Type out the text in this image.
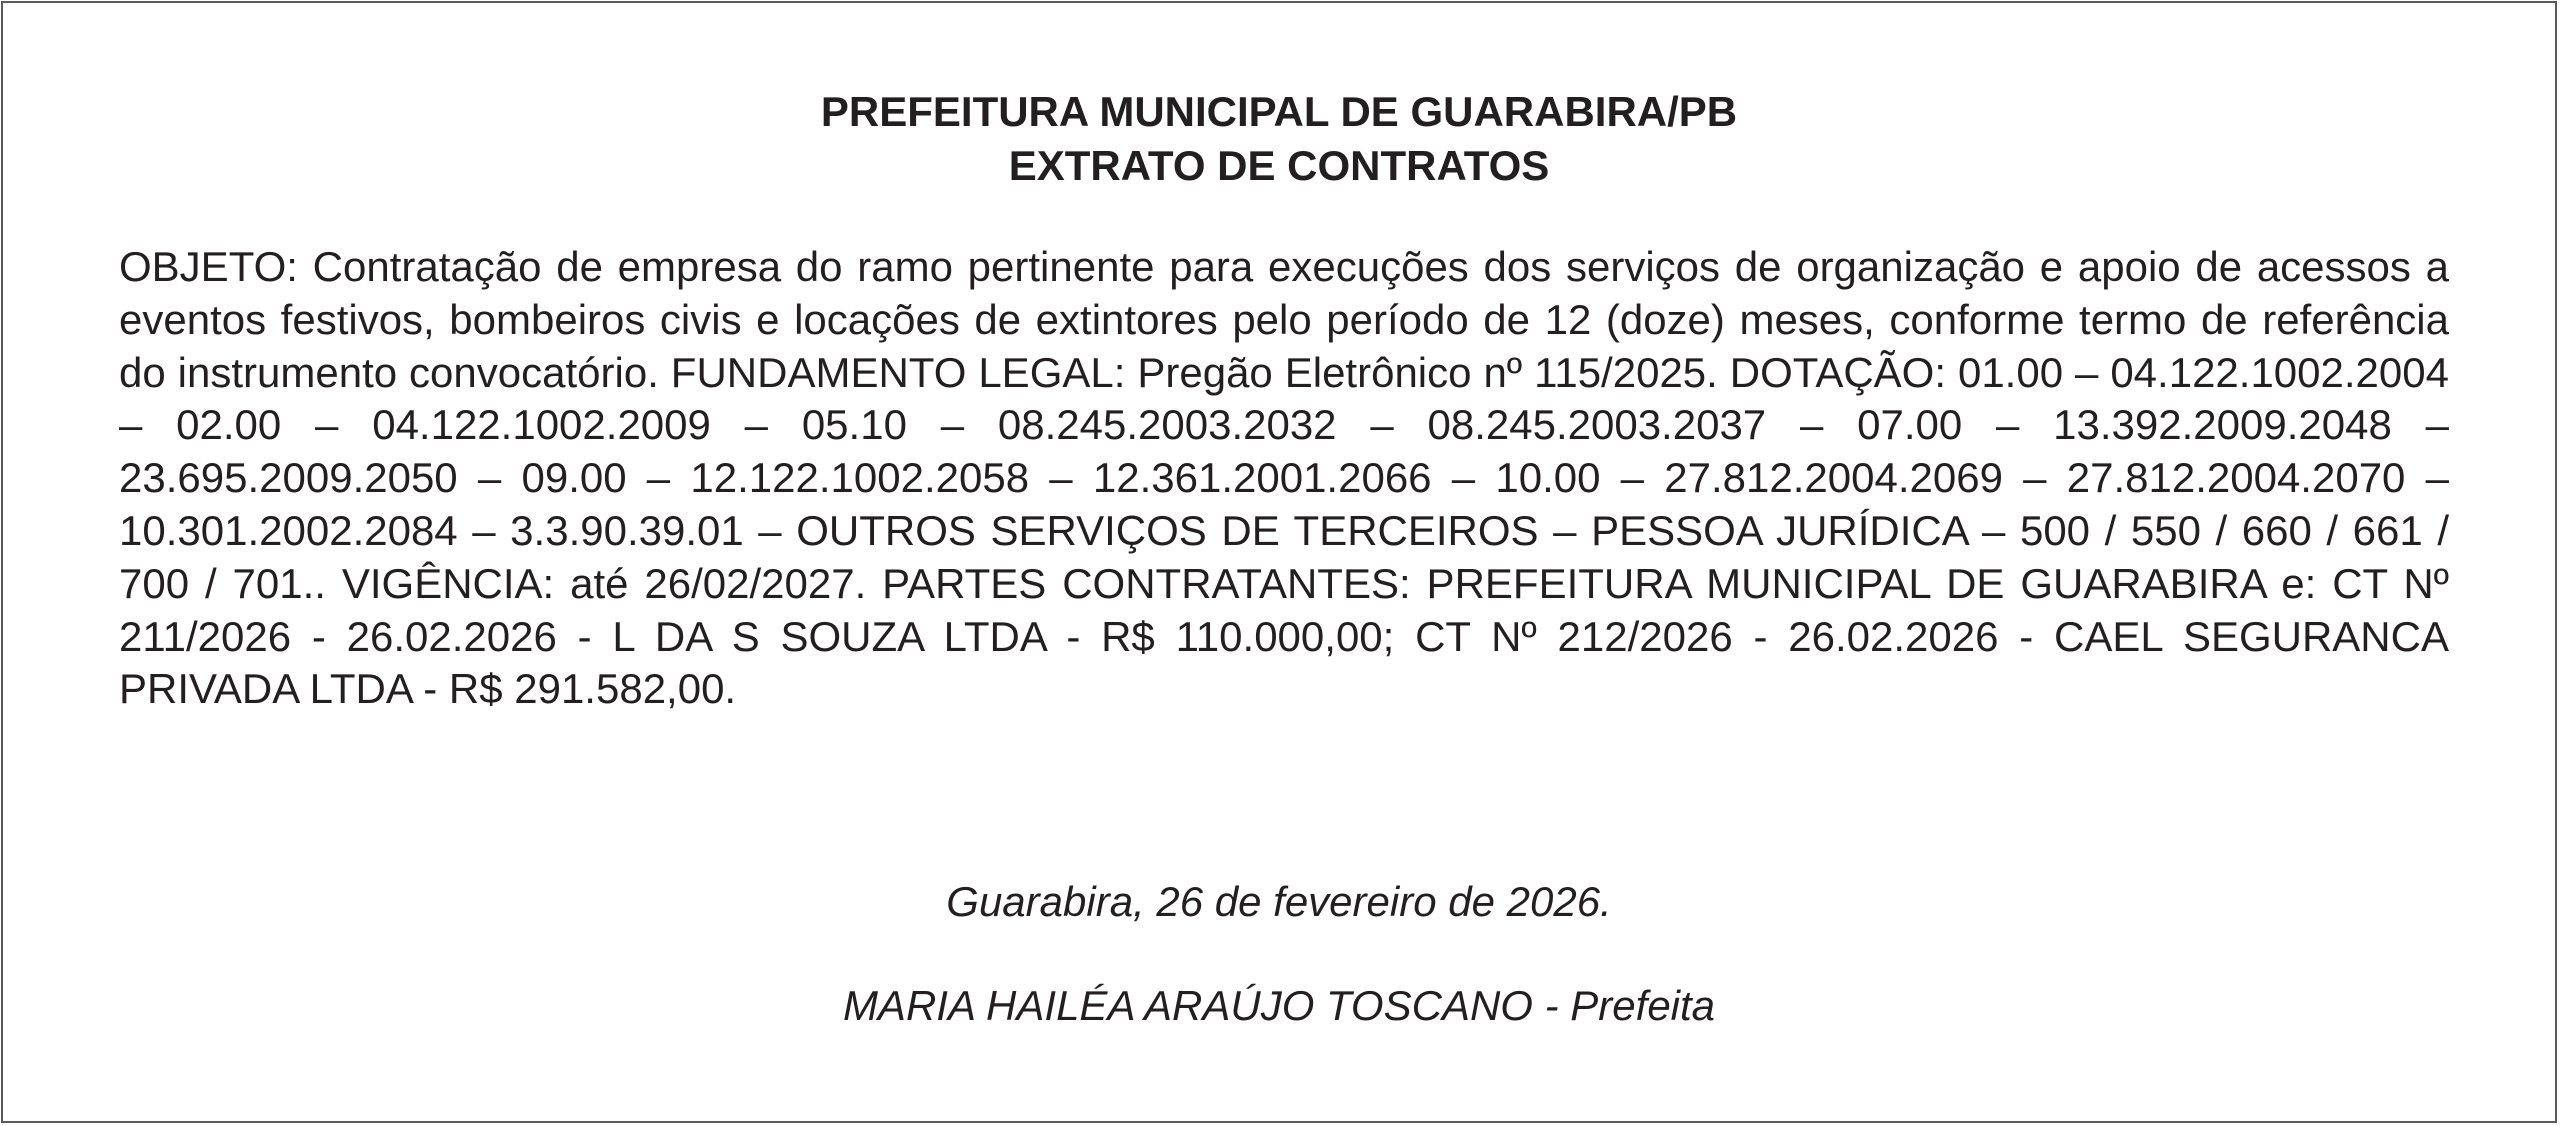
PREFEITURA MUNICIPAL DE GUARABIRA/PB
EXTRATO DE CONTRATOS
OBJETO: Contratação de empresa do ramo pertinente para execuções dos serviços de organização e apoio de acessos a eventos festivos, bombeiros civis e locações de extintores pelo período de 12 (doze) meses, conforme termo de referência do instrumento convocatório. FUNDAMENTO LEGAL: Pregão Eletrônico nº 115/2025. DOTAÇÃO: 01.00 – 04.122.1002.2004 – 02.00 – 04.122.1002.2009 – 05.10 – 08.245.2003.2032 – 08.245.2003.2037 – 07.00 – 13.392.2009.2048 – 23.695.2009.2050 – 09.00 – 12.122.1002.2058 – 12.361.2001.2066 – 10.00 – 27.812.2004.2069 – 27.812.2004.2070 – 10.301.2002.2084 – 3.3.90.39.01 – OUTROS SERVIÇOS DE TERCEIROS – PESSOA JURÍDICA – 500 / 550 / 660 / 661 / 700 / 701.. VIGÊNCIA: até 26/02/2027. PARTES CONTRATANTES: PREFEITURA MUNICIPAL DE GUARABIRA e: CT Nº 211/2026 - 26.02.2026 - L DA S SOUZA LTDA - R$ 110.000,00; CT Nº 212/2026 - 26.02.2026 - CAEL SEGURANCA PRIVADA LTDA - R$ 291.582,00.
Guarabira, 26 de fevereiro de 2026.
MARIA HAILÉA ARAÚJO TOSCANO - Prefeita
